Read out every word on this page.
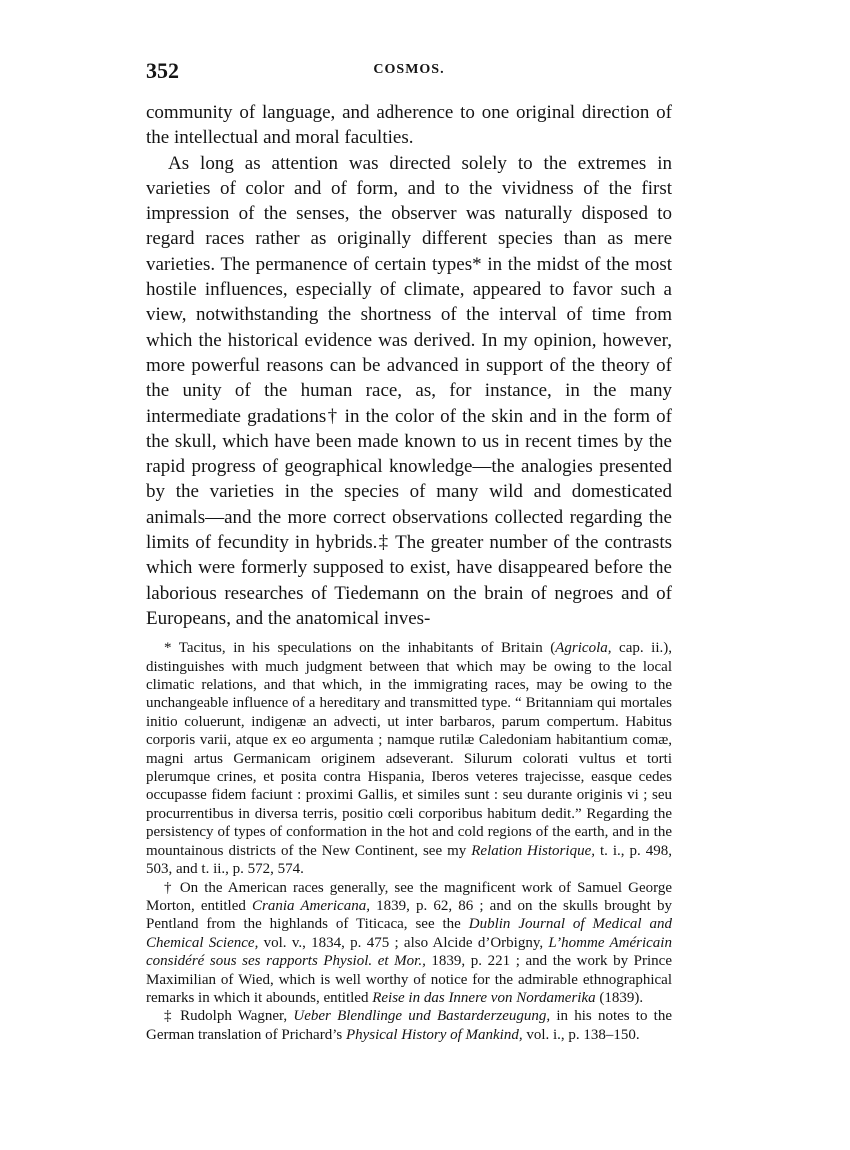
352	COSMOS.

community of language, and adherence to one original direction of the intellectual and moral faculties.

As long as attention was directed solely to the extremes in varieties of color and of form, and to the vividness of the first impression of the senses, the observer was naturally disposed to regard races rather as originally different species than as mere varieties. The permanence of certain types* in the midst of the most hostile influences, especially of climate, appeared to favor such a view, notwithstanding the shortness of the interval of time from which the historical evidence was derived. In my opinion, however, more powerful reasons can be advanced in support of the theory of the unity of the human race, as, for instance, in the many intermediate gradations† in the color of the skin and in the form of the skull, which have been made known to us in recent times by the rapid progress of geographical knowledge—the analogies presented by the varieties in the species of many wild and domesticated animals—and the more correct observations collected regarding the limits of fecundity in hybrids.‡ The greater number of the contrasts which were formerly supposed to exist, have disappeared before the laborious researches of Tiedemann on the brain of negroes and of Europeans, and the anatomical inves-

* Tacitus, in his speculations on the inhabitants of Britain (Agricola, cap. ii.), distinguishes with much judgment between that which may be owing to the local climatic relations, and that which, in the immigrating races, may be owing to the unchangeable influence of a hereditary and transmitted type. “ Britanniam qui mortales initio coluerunt, indigenæ an advecti, ut inter barbaros, parum compertum. Habitus corporis varii, atque ex eo argumenta ; namque rutilæ Caledoniam habitantium comæ, magni artus Germanicam originem adseverant. Silurum colorati vultus et torti plerumque crines, et posita contra Hispania, Iberos veteres trajecisse, easque cedes occupasse fidem faciunt : proximi Gallis, et similes sunt : seu durante originis vi ; seu procurrentibus in diversa terris, positio cœli corporibus habitum dedit.” Regarding the persistency of types of conformation in the hot and cold regions of the earth, and in the mountainous districts of the New Continent, see my Relation Historique, t. i., p. 498, 503, and t. ii., p. 572, 574.

† On the American races generally, see the magnificent work of Samuel George Morton, entitled Crania Americana, 1839, p. 62, 86 ; and on the skulls brought by Pentland from the highlands of Titicaca, see the Dublin Journal of Medical and Chemical Science, vol. v., 1834, p. 475 ; also Alcide d’Orbigny, L’homme Américain considéré sous ses rapports Physiol. et Mor., 1839, p. 221 ; and the work by Prince Maximilian of Wied, which is well worthy of notice for the admirable ethnographical remarks in which it abounds, entitled Reise in das Innere von Nordamerika (1839).

‡ Rudolph Wagner, Ueber Blendlinge und Bastarderzeugung, in his notes to the German translation of Prichard’s Physical History of Mankind, vol. i., p. 138–150.
